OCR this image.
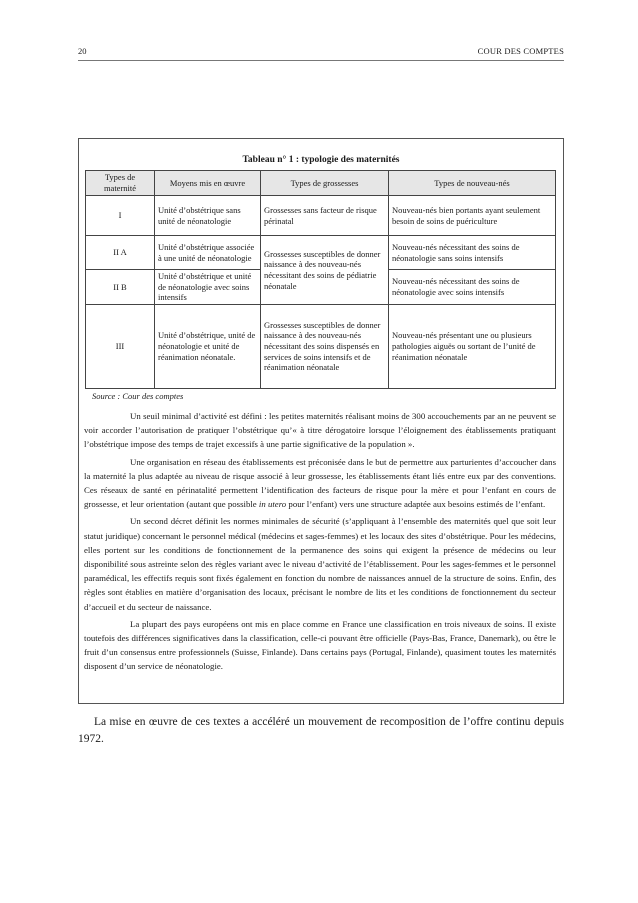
20	COUR DES COMPTES
Tableau n° 1 : typologie des maternités
Types de maternité	Moyens mis en œuvre	Types de grossesses	Types de nouveau-nés
I	Unité d’obstétrique sans unité de néonatologie	Grossesses sans facteur de risque périnatal	Nouveau-nés bien portants ayant seulement besoin de soins de puériculture
II A	Unité d’obstétrique associée à une unité de néonatologie	Grossesses susceptibles de donner naissance à des nouveau-nés nécessitant des soins de pédiatrie néonatale	Nouveau-nés nécessitant des soins de néonatologie sans soins intensifs
II B	Unité d’obstétrique et unité de néonatologie avec soins intensifs		Nouveau-nés nécessitant des soins de néonatologie avec soins intensifs
III	Unité d’obstétrique, unité de néonatologie et unité de réanimation néonatale.	Grossesses susceptibles de donner naissance à des nouveau-nés nécessitant des soins dispensés en services de soins intensifs et de réanimation néonatale	Nouveau-nés présentant une ou plusieurs pathologies aiguës ou sortant de l’unité de réanimation néonatale
Source : Cour des comptes

Un seuil minimal d’activité est défini : les petites maternités réalisant moins de 300 accouchements par an ne peuvent se voir accorder l’autorisation de pratiquer l’obstétrique qu’« à titre dérogatoire lorsque l’éloignement des établissements pratiquant l’obstétrique impose des temps de trajet excessifs à une partie significative de la population ».

Une organisation en réseau des établissements est préconisée dans le but de permettre aux parturientes d’accoucher dans la maternité la plus adaptée au niveau de risque associé à leur grossesse, les établissements étant liés entre eux par des conventions. Ces réseaux de santé en périnatalité permettent l’identification des facteurs de risque pour la mère et pour l’enfant en cours de grossesse, et leur orientation (autant que possible in utero pour l’enfant) vers une structure adaptée aux besoins estimés de l’enfant.

Un second décret définit les normes minimales de sécurité (s’appliquant à l’ensemble des maternités quel que soit leur statut juridique) concernant le personnel médical (médecins et sages-femmes) et les locaux des sites d’obstétrique. Pour les médecins, elles portent sur les conditions de fonctionnement de la permanence des soins qui exigent la présence de médecins ou leur disponibilité sous astreinte selon des règles variant avec le niveau d’activité de l’établissement. Pour les sages-femmes et le personnel paramédical, les effectifs requis sont fixés également en fonction du nombre de naissances annuel de la structure de soins. Enfin, des règles sont établies en matière d’organisation des locaux, précisant le nombre de lits et les conditions de fonctionnement du secteur d’accueil et du secteur de naissance.

La plupart des pays européens ont mis en place comme en France une classification en trois niveaux de soins. Il existe toutefois des différences significatives dans la classification, celle-ci pouvant être officielle (Pays-Bas, France, Danemark), ou être le fruit d’un consensus entre professionnels (Suisse, Finlande). Dans certains pays (Portugal, Finlande), quasiment toutes les maternités disposent d’un service de néonatologie.

La mise en œuvre de ces textes a accéléré un mouvement de recomposition de l’offre continu depuis 1972.
